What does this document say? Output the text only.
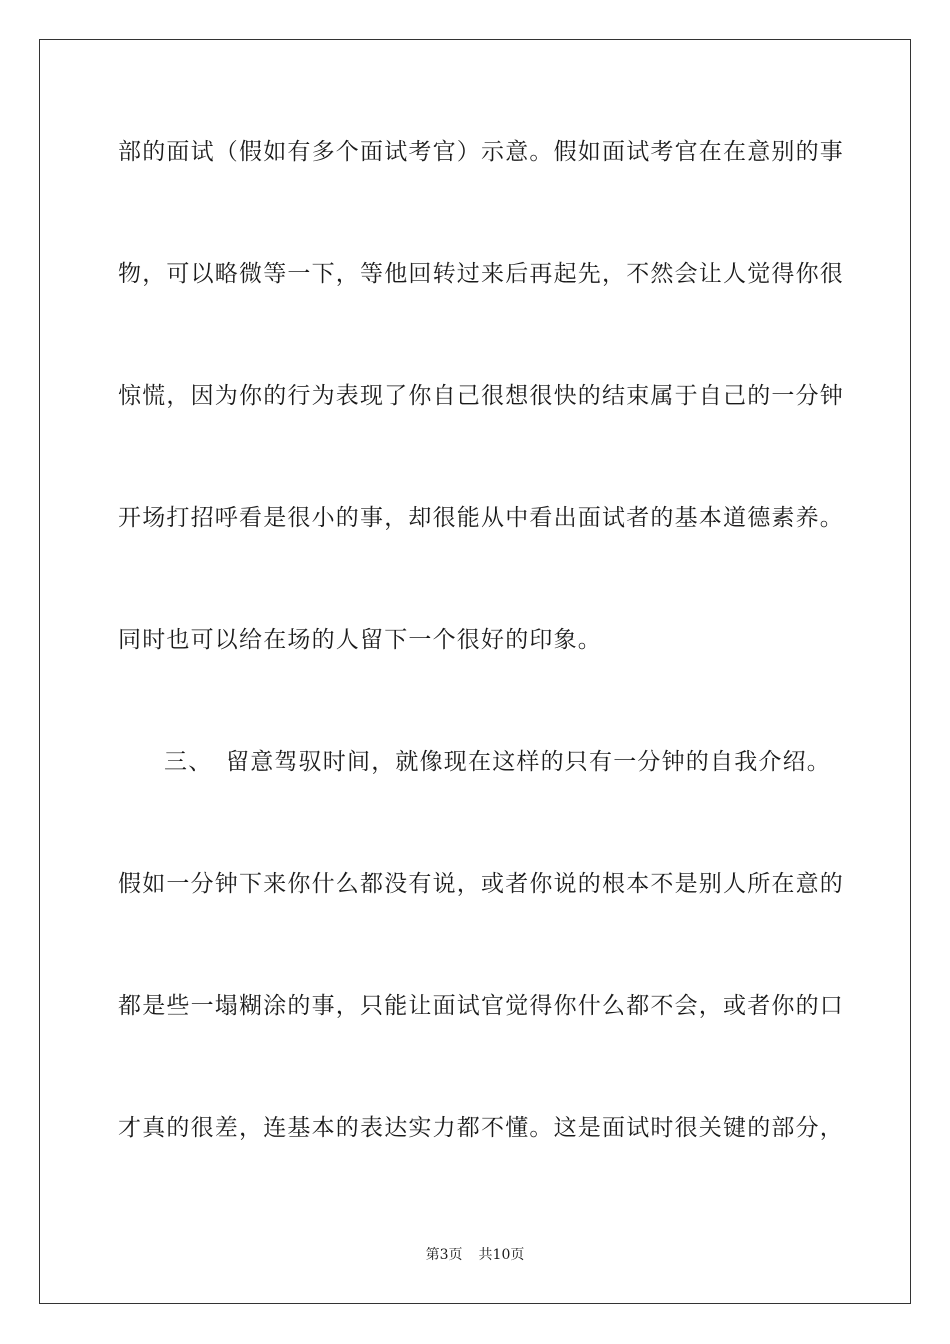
部的面试（假如有多个面试考官）示意。假如面试考官在在意别的事
物，可以略微等一下，等他回转过来后再起先，不然会让人觉得你很
惊慌，因为你的行为表现了你自己很想很快的结束属于自己的一分钟
开场打招呼看是很小的事，却很能从中看出面试者的基本道德素养。
同时也可以给在场的人留下一个很好的印象。
三、 留意驾驭时间，就像现在这样的只有一分钟的自我介绍。
假如一分钟下来你什么都没有说，或者你说的根本不是别人所在意的
都是些一塌糊涂的事，只能让面试官觉得你什么都不会，或者你的口
才真的很差，连基本的表达实力都不懂。这是面试时很关键的部分，
第3页 共10页
